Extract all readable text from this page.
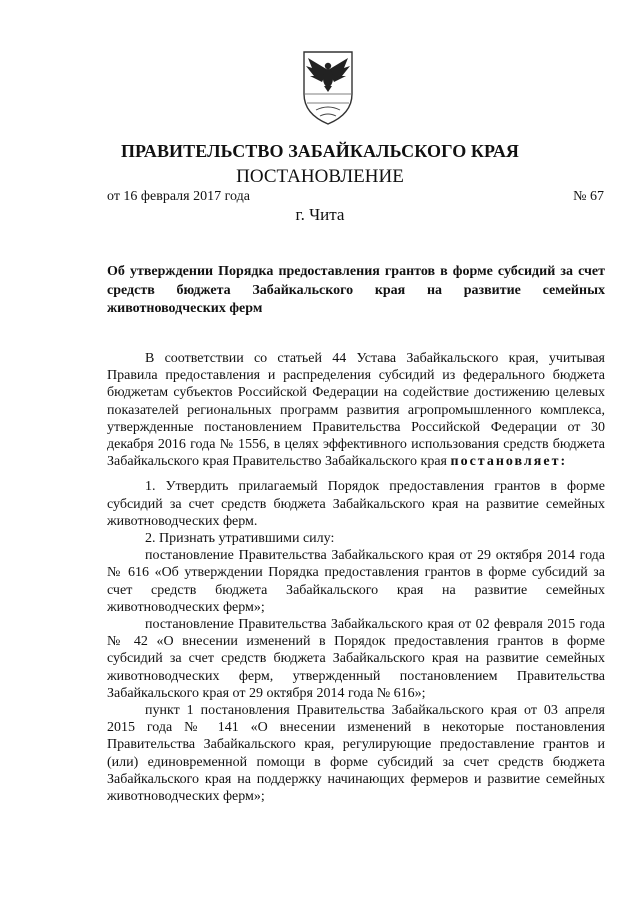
ПРАВИТЕЛЬСТВО ЗАБАЙКАЛЬСКОГО КРАЯ
ПОСТАНОВЛЕНИЕ
от 16 февраля 2017 года	№ 67
г. Чита
Об утверждении Порядка предоставления грантов в форме субсидий за счет средств бюджета Забайкальского края на развитие семейных животноводческих ферм

В соответствии со статьей 44 Устава Забайкальского края, учитывая Правила предоставления и распределения субсидий из федерального бюджета бюджетам субъектов Российской Федерации на содействие достижению целевых показателей региональных программ развития агропромышленного комплекса, утвержденные постановлением Правительства Российской Федерации от 30 декабря 2016 года № 1556, в целях эффективного использования средств бюджета Забайкальского края Правительство Забайкальского края постановляет:

1. Утвердить прилагаемый Порядок предоставления грантов в форме субсидий за счет средств бюджета Забайкальского края на развитие семейных животноводческих ферм.

2. Признать утратившими силу:

постановление Правительства Забайкальского края от 29 октября 2014 года № 616 «Об утверждении Порядка предоставления грантов в форме субсидий за счет средств бюджета Забайкальского края на развитие семейных животноводческих ферм»;

постановление Правительства Забайкальского края от 02 февраля 2015 года № 42 «О внесении изменений в Порядок предоставления грантов в форме субсидий за счет средств бюджета Забайкальского края на развитие семейных животноводческих ферм, утвержденный постановлением Правительства Забайкальского края от 29 октября 2014 года № 616»;

пункт 1 постановления Правительства Забайкальского края от 03 апреля 2015 года № 141 «О внесении изменений в некоторые постановления Правительства Забайкальского края, регулирующие предоставление грантов и (или) единовременной помощи в форме субсидий за счет средств бюджета Забайкальского края на поддержку начинающих фермеров и развитие семейных животноводческих ферм»;
